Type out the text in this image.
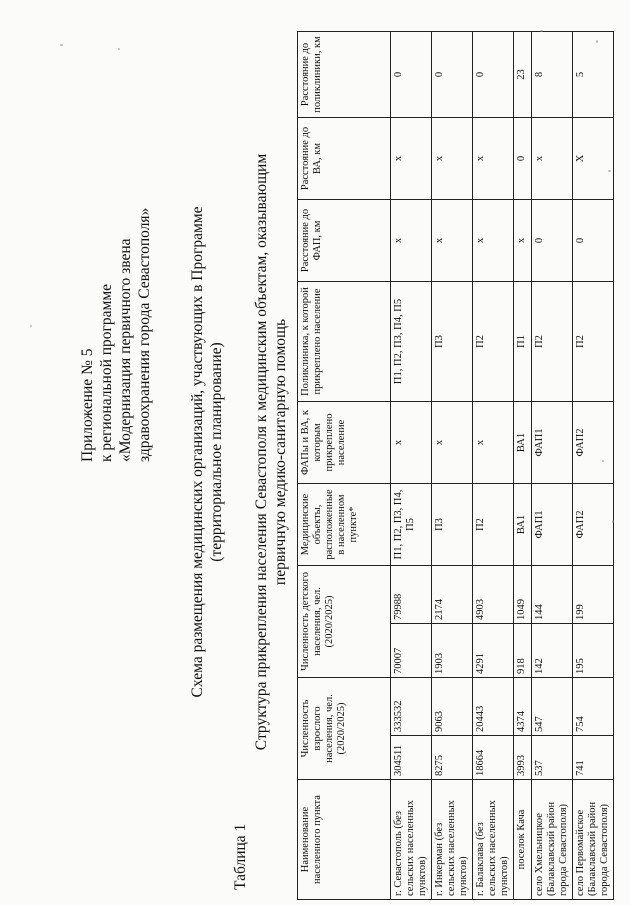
Приложение № 5 к региональной программе «Модернизация первичного звена здравоохранения города Севастополя» Схема размещения медицинских организаций, участвующих в Программе (территориальное планирование)
Таблица 1
Структура прикрепления населения Севастополя к медицинским объектам, оказывающим первичную медико-санитарную помощь
Наименование населенного пункта	Численность взрослого населения, чел. (2020/2025)		Численность детского населения, чел. (2020/2025)		Медицинские объекты, расположенные в населенном пункте*	ФАПы и ВА, к которым прикреплено население	Поликлиника, к которой прикреплено население	Расстояние до ФАП, км	Расстояние до ВА, км	Расстояние до поликлиники, км
г. Севастополь (без сельских населенных пунктов)	304511	333532	70007	79988	П1, П2, П3, П4, П5	х	П1, П2, П3, П4, П5	х	х	0
г. Инкерман (без сельских населенных пунктов)	8275	9063	1903	2174	П3	х	П3	х	х	0
г. Балаклава (без сельских населенных пунктов)	18664	20443	4291	4903	П2	х	П2	х	х	0
поселок Кача	3993	4374	918	1049	ВА1	ВА1	П1	х	0	23
село Хмельницкое (Балаклавский район города Севастополя)	537	547	142	144	ФАП1	ФАП1	П2	0	х	8
село Первомайское (Балаклавский район города Севастополя)	741	754	195	199	ФАП2	ФАП2	П2	0	Х	5
